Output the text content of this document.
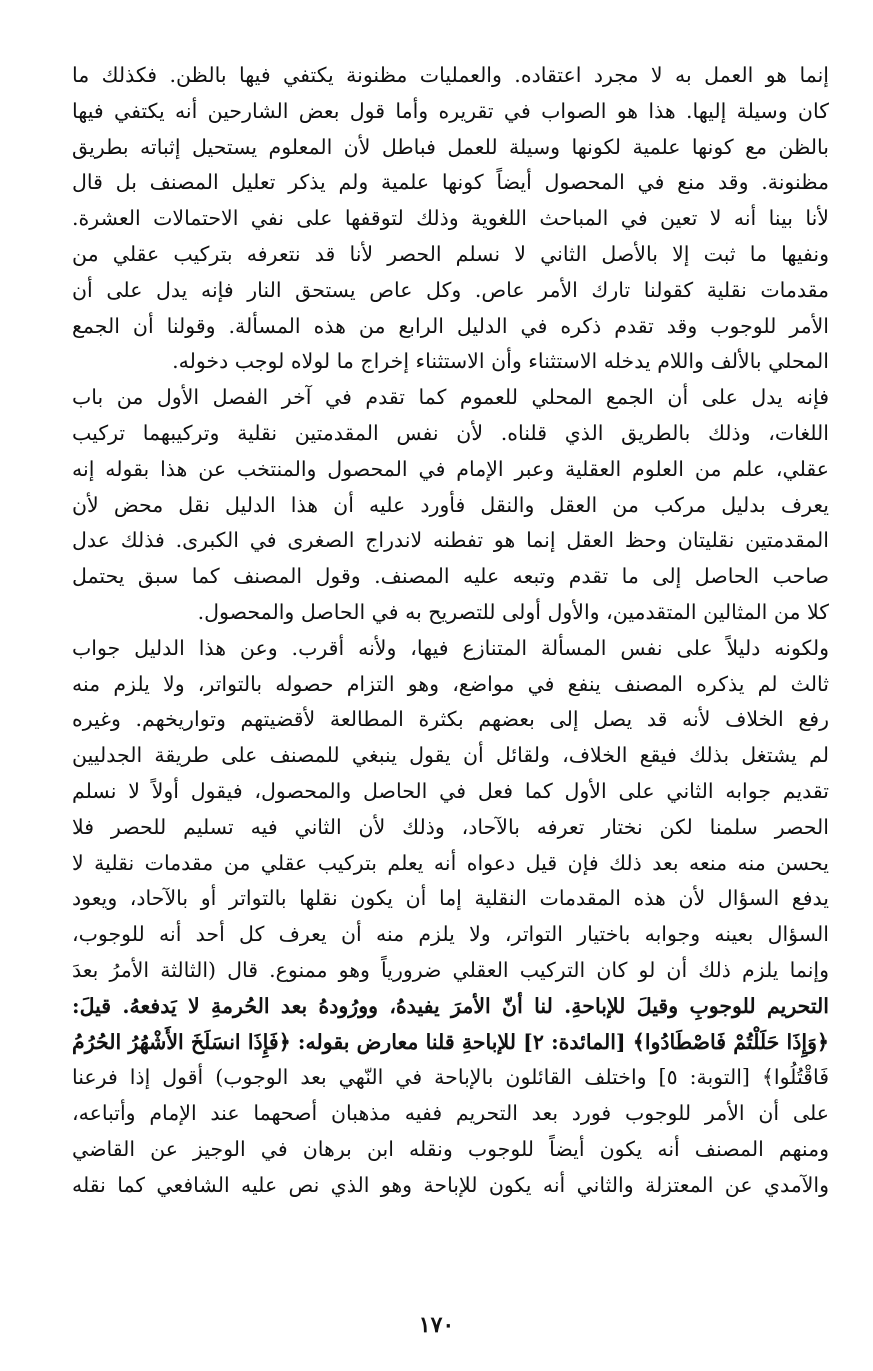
إنما هو العمل به لا مجرد اعتقاده. والعمليات مظنونة يكتفي فيها بالظن. فكذلك ما
كان وسيلة إليها. هذا هو الصواب في تقريره وأما قول بعض الشارحين أنه يكتفي فيها
بالظن مع كونها علمية لكونها وسيلة للعمل فباطل لأن المعلوم يستحيل إثباته بطريق
مظنونة. وقد منع في المحصول أيضاً كونها علمية ولم يذكر تعليل المصنف بل قال
لأنا بينا أنه لا تعين في المباحث اللغوية وذلك لتوقفها على نفي الاحتمالات العشرة.
ونفيها ما ثبت إلا بالأصل الثاني لا نسلم الحصر لأنا قد نتعرفه بتركيب عقلي من
مقدمات نقلية كقولنا تارك الأمر عاص. وكل عاص يستحق النار فإنه يدل على أن
الأمر للوجوب وقد تقدم ذكره في الدليل الرابع من هذه المسألة. وقولنا أن الجمع
المحلي بالألف واللام يدخله الاستثناء وأن الاستثناء إخراج ما لولاه لوجب دخوله.
فإنه يدل على أن الجمع المحلي للعموم كما تقدم في آخر الفصل الأول من باب
اللغات، وذلك بالطريق الذي قلناه. لأن نفس المقدمتين نقلية وتركيبهما تركيب
عقلي، علم من العلوم العقلية وعبر الإمام في المحصول والمنتخب عن هذا بقوله إنه
يعرف بدليل مركب من العقل والنقل فأورد عليه أن هذا الدليل نقل محض لأن
المقدمتين نقليتان وحظ العقل إنما هو تفطنه لاندراج الصغرى في الكبرى. فذلك عدل
صاحب الحاصل إلى ما تقدم وتبعه عليه المصنف. وقول المصنف كما سبق يحتمل
كلا من المثالين المتقدمين، والأول أولى للتصريح به في الحاصل والمحصول.
ولكونه دليلاً على نفس المسألة المتنازع فيها، ولأنه أقرب. وعن هذا الدليل جواب
ثالث لم يذكره المصنف ينفع في مواضع، وهو التزام حصوله بالتواتر، ولا يلزم منه
رفع الخلاف لأنه قد يصل إلى بعضهم بكثرة المطالعة لأقضيتهم وتواريخهم. وغيره
لم يشتغل بذلك فيقع الخلاف، ولقائل أن يقول ينبغي للمصنف على طريقة الجدليين
تقديم جوابه الثاني على الأول كما فعل في الحاصل والمحصول، فيقول أولاً لا نسلم
الحصر سلمنا لكن نختار تعرفه بالآحاد، وذلك لأن الثاني فيه تسليم للحصر فلا
يحسن منه منعه بعد ذلك فإن قيل دعواه أنه يعلم بتركيب عقلي من مقدمات نقلية لا
يدفع السؤال لأن هذه المقدمات النقلية إما أن يكون نقلها بالتواتر أو بالآحاد، ويعود
السؤال بعينه وجوابه باختيار التواتر، ولا يلزم منه أن يعرف كل أحد أنه للوجوب،
وإنما يلزم ذلك أن لو كان التركيب العقلي ضرورياً وهو ممنوع. قال (الثالثة الأمرُ بعدَ
التحريم للوجوبِ وقيلَ للإباحةِ. لنا أنّ الأمرَ يفيدهُ، وورُودهُ بعد الحُرمةِ لا يَدفعهُ. قيلَ:
﴿وَإِذَا حَلَلْتُمْ فَاصْطَادُوا﴾ [المائدة: ٢] للإباحةِ قلنا معارض بقوله: ﴿فَإِذَا انسَلَخَ الأَشْهُرُ الحُرُمُ
فَاقْتُلُوا﴾ [التوبة: ٥] واختلف القائلون بالإباحة في النّهي بعد الوجوب) أقول إذا فرعنا
على أن الأمر للوجوب فورد بعد التحريم ففيه مذهبان أصحهما عند الإمام وأتباعه،
ومنهم المصنف أنه يكون أيضاً للوجوب ونقله ابن برهان في الوجيز عن القاضي
والآمدي عن المعتزلة والثاني أنه يكون للإباحة وهو الذي نص عليه الشافعي كما نقله
١٧٠
